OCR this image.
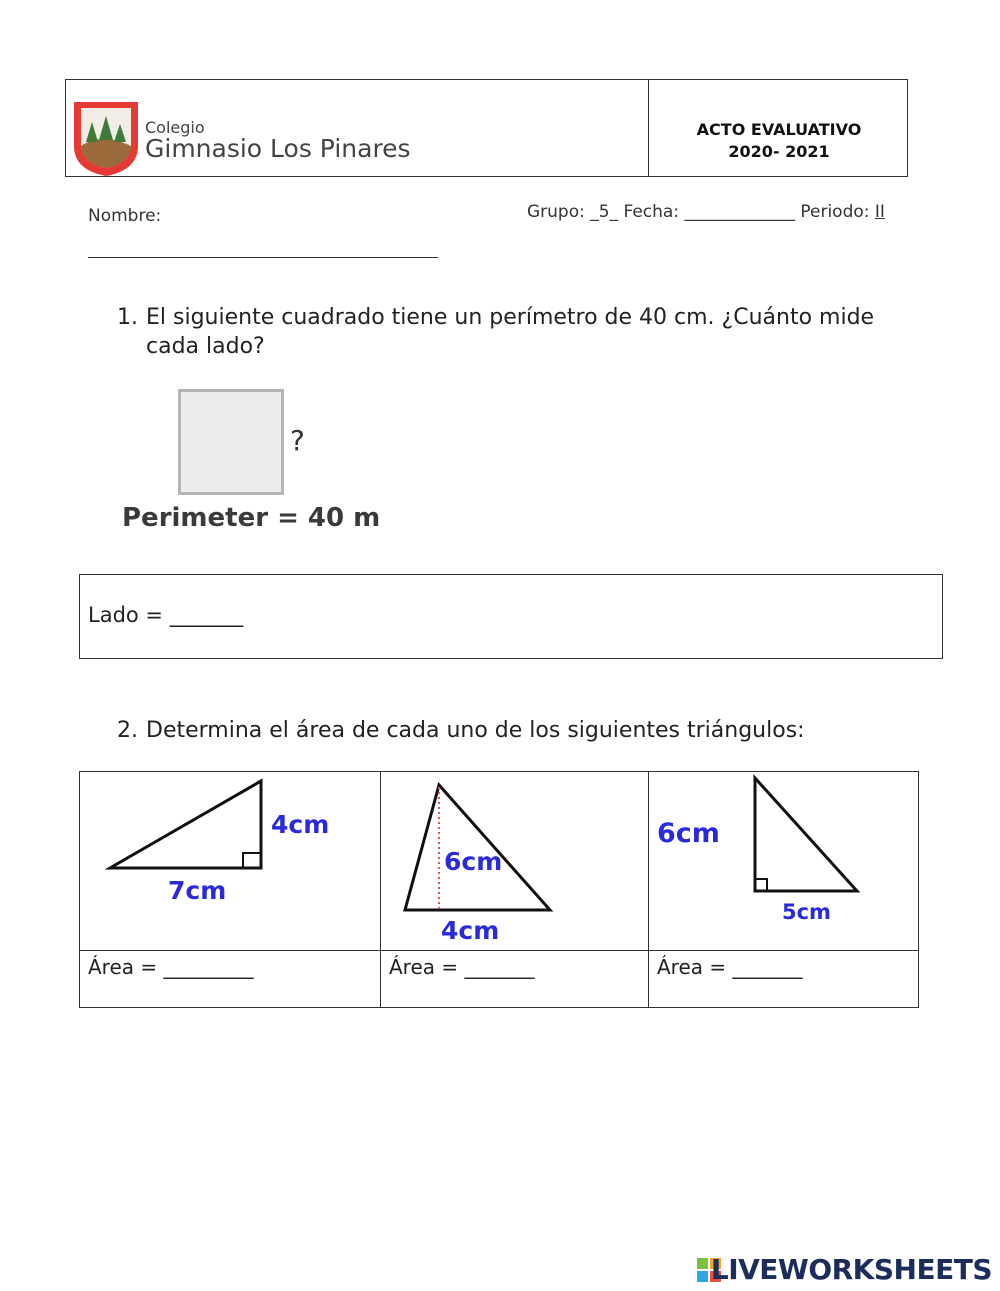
Colegio
Gimnasio Los Pinares
ACTO EVALUATIVO
2020- 2021
Nombre:	Grupo: _5_ Fecha: _____________ Periodo: II
1. El siguiente cuadrado tiene un perímetro de 40 cm. ¿Cuánto mide
cada lado?
?
Perimeter = 40 m
Lado = _______
2. Determina el área de cada uno de los siguientes triángulos:
4cm
7cm
6cm
4cm
6cm
5cm
Área = _________	Área = _______	Área = _______
LIVEWORKSHEETS
